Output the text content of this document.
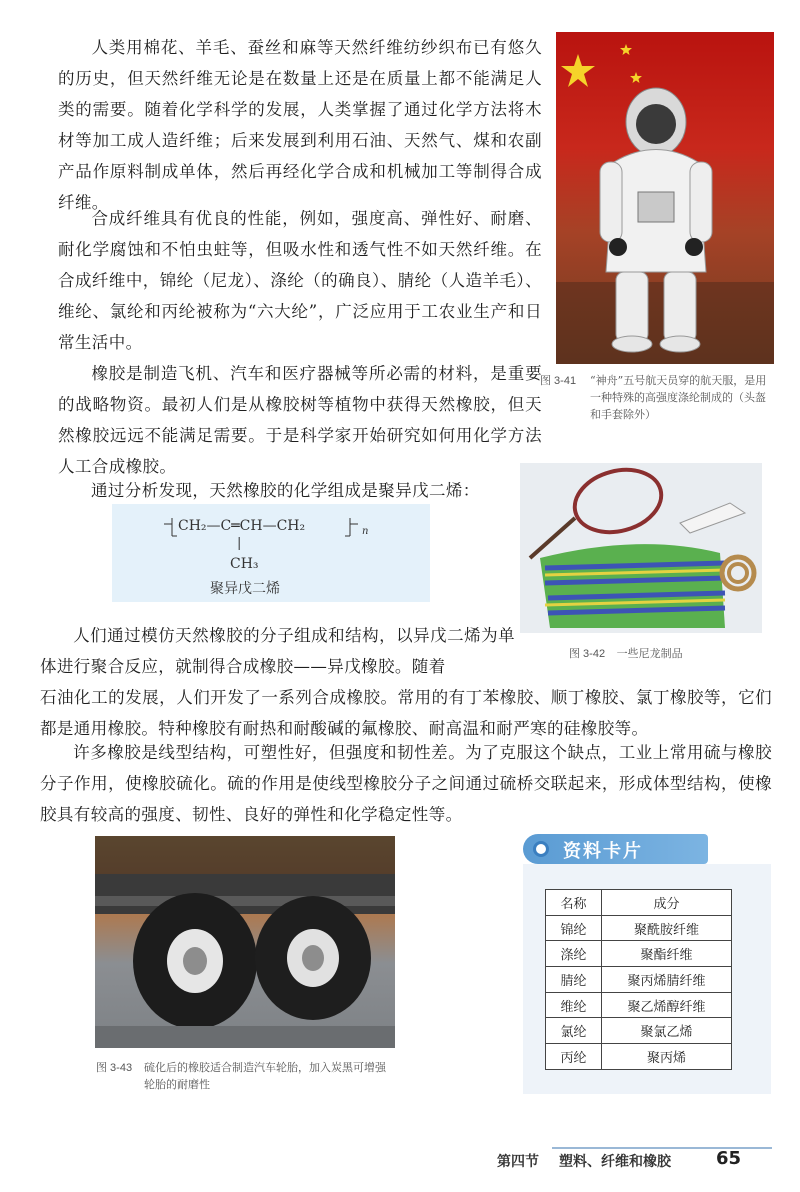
人类用棉花、羊毛、蚕丝和麻等天然纤维纺纱织布已有悠久的历史，但天然纤维无论是在数量上还是在质量上都不能满足人类的需要。随着化学科学的发展，人类掌握了通过化学方法将木材等加工成人造纤维；后来发展到利用石油、天然气、煤和农副产品作原料制成单体，然后再经化学合成和机械加工等制得合成纤维。
合成纤维具有优良的性能，例如，强度高、弹性好、耐磨、耐化学腐蚀和不怕虫蛀等，但吸水性和透气性不如天然纤维。在合成纤维中，锦纶（尼龙）、涤纶（的确良）、腈纶（人造羊毛）、维纶、氯纶和丙纶被称为“六大纶”，广泛应用于工农业生产和日常生活中。
橡胶是制造飞机、汽车和医疗器械等所必需的材料，是重要的战略物资。最初人们是从橡胶树等植物中获得天然橡胶，但天然橡胶远远不能满足需要。于是科学家开始研究如何用化学方法人工合成橡胶。
通过分析发现，天然橡胶的化学组成是聚异戊二烯：
CH₂—C═CH—CH₂	n
|
CH₃
聚异戊二烯
人们通过模仿天然橡胶的分子组成和结构，以异戊二烯为单体进行聚合反应，就制得合成橡胶——异戊橡胶。随着
石油化工的发展，人们开发了一系列合成橡胶。常用的有丁苯橡胶、顺丁橡胶、氯丁橡胶等，它们都是通用橡胶。特种橡胶有耐热和耐酸碱的氟橡胶、耐高温和耐严寒的硅橡胶等。
许多橡胶是线型结构，可塑性好，但强度和韧性差。为了克服这个缺点，工业上常用硫与橡胶分子作用，使橡胶硫化。硫的作用是使线型橡胶分子之间通过硫桥交联起来，形成体型结构，使橡胶具有较高的强度、韧性、良好的弹性和化学稳定性等。
图 3-41 “神舟”五号航天员穿的航天服，是用一种特殊的高强度涤纶制成的（头盔和手套除外）
图 3-42 一些尼龙制品
图 3-43 硫化后的橡胶适合制造汽车轮胎，加入炭黑可增强轮胎的耐磨性
资料卡片
名称	成分
锦纶	聚酰胺纤维
涤纶	聚酯纤维
腈纶	聚丙烯腈纤维
维纶	聚乙烯醇纤维
氯纶	聚氯乙烯
丙纶	聚丙烯
第四节 塑料、纤维和橡胶	65
